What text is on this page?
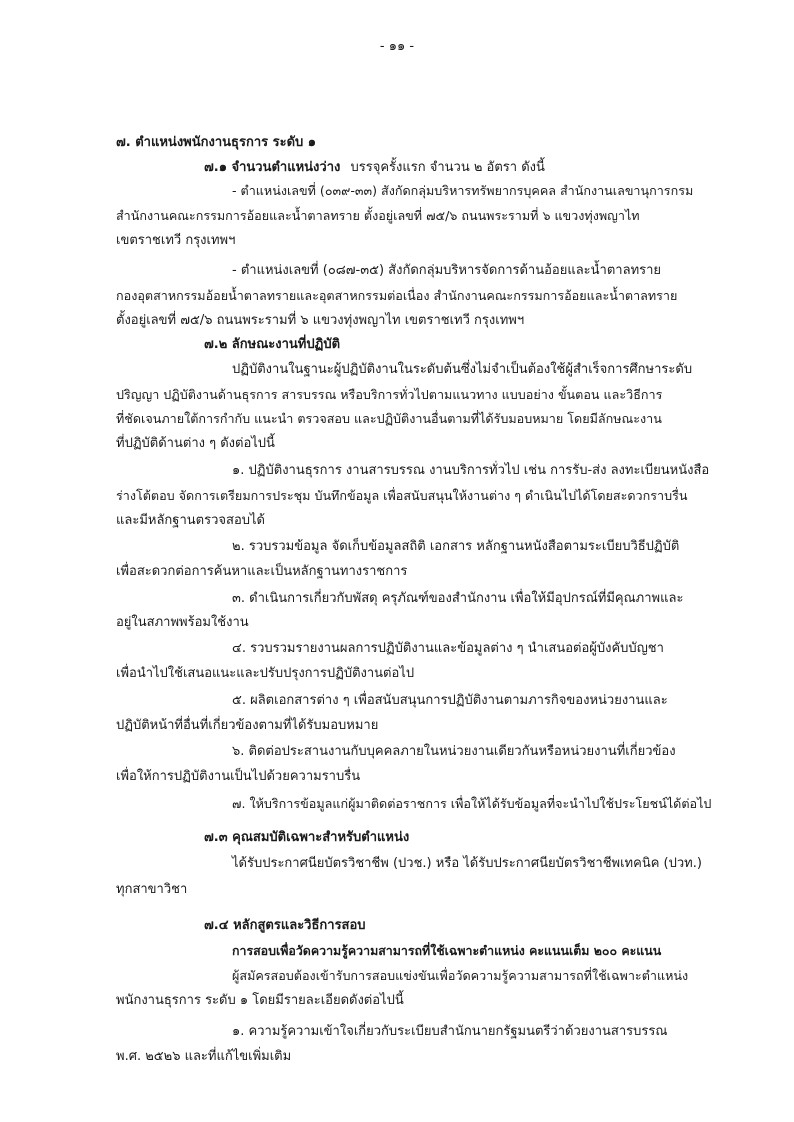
- ๑๑ -
๗. ตำแหน่งพนักงานธุรการ ระดับ ๑
๗.๑ จำนวนตำแหน่งว่าง บรรจุครั้งแรก จำนวน ๒ อัตรา ดังนี้
- ตำแหน่งเลขที่ (๐๓๙-๓๓) สังกัดกลุ่มบริหารทรัพยากรบุคคล สำนักงานเลขานุการกรม
สำนักงานคณะกรรมการอ้อยและน้ำตาลทราย ตั้งอยู่เลขที่ ๗๕/๖ ถนนพระรามที่ ๖ แขวงทุ่งพญาไท
เขตราชเทวี กรุงเทพฯ
- ตำแหน่งเลขที่ (๐๘๗-๓๕) สังกัดกลุ่มบริหารจัดการด้านอ้อยและน้ำตาลทราย
กองอุตสาหกรรมอ้อยน้ำตาลทรายและอุตสาหกรรมต่อเนื่อง สำนักงานคณะกรรมการอ้อยและน้ำตาลทราย
ตั้งอยู่เลขที่ ๗๕/๖ ถนนพระรามที่ ๖ แขวงทุ่งพญาไท เขตราชเทวี กรุงเทพฯ
๗.๒ ลักษณะงานที่ปฏิบัติ
ปฏิบัติงานในฐานะผู้ปฏิบัติงานในระดับต้นซึ่งไม่จำเป็นต้องใช้ผู้สำเร็จการศึกษาระดับ
ปริญญา ปฏิบัติงานด้านธุรการ สารบรรณ หรือบริการทั่วไปตามแนวทาง แบบอย่าง ขั้นตอน และวิธีการ
ที่ชัดเจนภายใต้การกำกับ แนะนำ ตรวจสอบ และปฏิบัติงานอื่นตามที่ได้รับมอบหมาย โดยมีลักษณะงาน
ที่ปฏิบัติด้านต่าง ๆ ดังต่อไปนี้
๑. ปฏิบัติงานธุรการ งานสารบรรณ งานบริการทั่วไป เช่น การรับ-ส่ง ลงทะเบียนหนังสือ
ร่างโต้ตอบ จัดการเตรียมการประชุม บันทึกข้อมูล เพื่อสนับสนุนให้งานต่าง ๆ ดำเนินไปได้โดยสะดวกราบรื่น
และมีหลักฐานตรวจสอบได้
๒. รวบรวมข้อมูล จัดเก็บข้อมูลสถิติ เอกสาร หลักฐานหนังสือตามระเบียบวิธีปฏิบัติ
เพื่อสะดวกต่อการค้นหาและเป็นหลักฐานทางราชการ
๓. ดำเนินการเกี่ยวกับพัสดุ ครุภัณฑ์ของสำนักงาน เพื่อให้มีอุปกรณ์ที่มีคุณภาพและ
อยู่ในสภาพพร้อมใช้งาน
๔. รวบรวมรายงานผลการปฏิบัติงานและข้อมูลต่าง ๆ นำเสนอต่อผู้บังคับบัญชา
เพื่อนำไปใช้เสนอแนะและปรับปรุงการปฏิบัติงานต่อไป
๕. ผลิตเอกสารต่าง ๆ เพื่อสนับสนุนการปฏิบัติงานตามภารกิจของหน่วยงานและ
ปฏิบัติหน้าที่อื่นที่เกี่ยวข้องตามที่ได้รับมอบหมาย
๖. ติดต่อประสานงานกับบุคคลภายในหน่วยงานเดียวกันหรือหน่วยงานที่เกี่ยวข้อง
เพื่อให้การปฏิบัติงานเป็นไปด้วยความราบรื่น
๗. ให้บริการข้อมูลแก่ผู้มาติดต่อราชการ เพื่อให้ได้รับข้อมูลที่จะนำไปใช้ประโยชน์ได้ต่อไป
๗.๓ คุณสมบัติเฉพาะสำหรับตำแหน่ง
ได้รับประกาศนียบัตรวิชาชีพ (ปวช.) หรือ ได้รับประกาศนียบัตรวิชาชีพเทคนิค (ปวท.)
ทุกสาขาวิชา
๗.๔ หลักสูตรและวิธีการสอบ
การสอบเพื่อวัดความรู้ความสามารถที่ใช้เฉพาะตำแหน่ง คะแนนเต็ม ๒๐๐ คะแนน
ผู้สมัครสอบต้องเข้ารับการสอบแข่งขันเพื่อวัดความรู้ความสามารถที่ใช้เฉพาะตำแหน่ง
พนักงานธุรการ ระดับ ๑ โดยมีรายละเอียดดังต่อไปนี้
๑. ความรู้ความเข้าใจเกี่ยวกับระเบียบสำนักนายกรัฐมนตรีว่าด้วยงานสารบรรณ
พ.ศ. ๒๕๒๖ และที่แก้ไขเพิ่มเติม
